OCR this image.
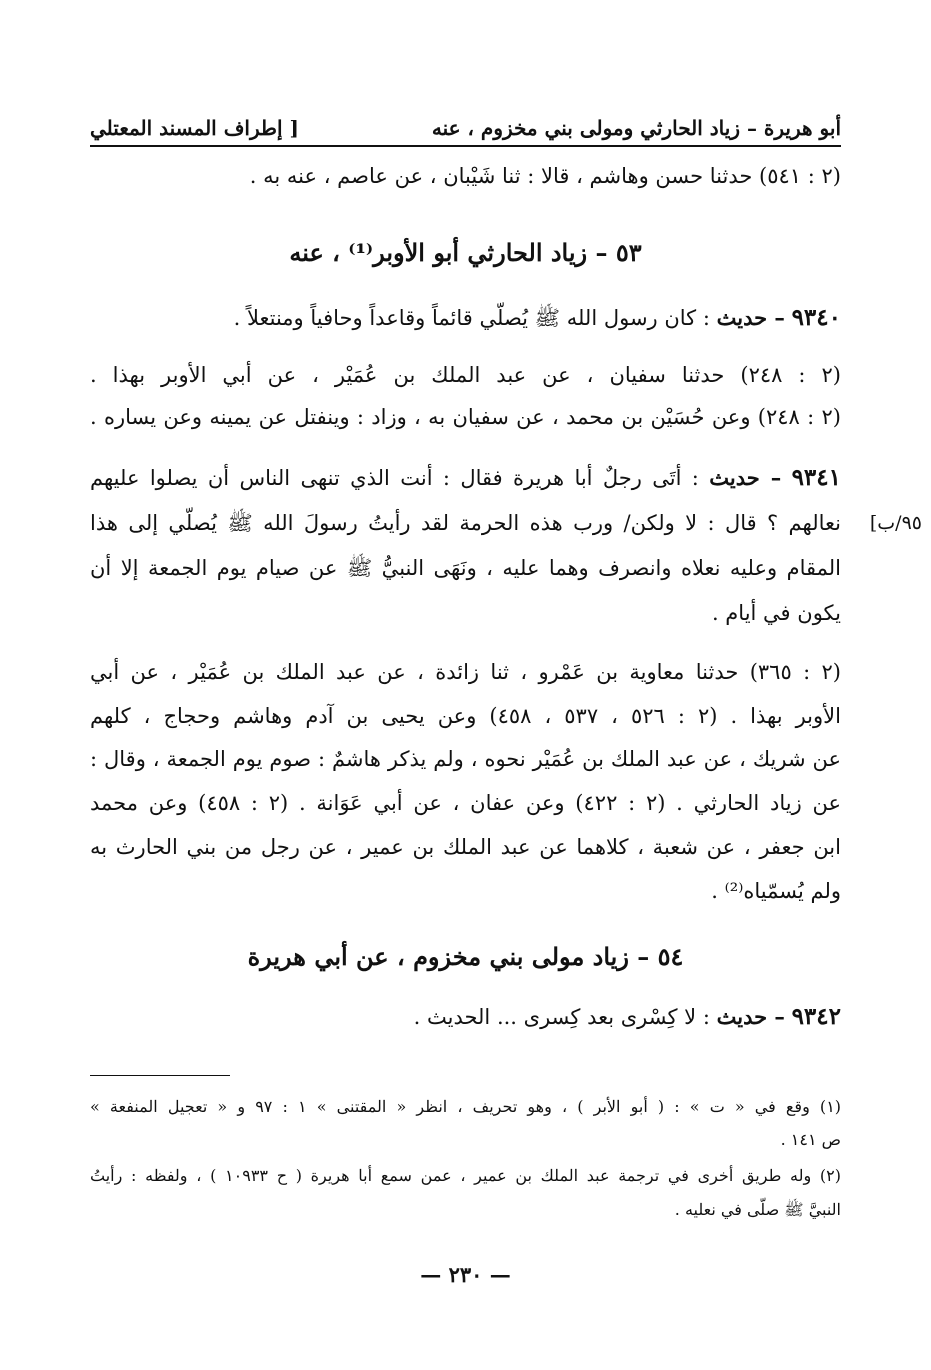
أبو هريرة – زياد الحارثي ومولى بني مخزوم ، عنه
[ إطراف المسند المعتلي
(٢ : ٥٤١) حدثنا حسن وهاشم ، قالا : ثنا شَيْبان ، عن عاصم ، عنه به .
٥٣ – زياد الحارثي أبو الأوبر⁽¹⁾ ، عنه
٩٣٤٠ – حديث : كان رسول الله ﷺ يُصلّي قائماً وقاعداً وحافياً ومنتعلاً .
(٢ : ٢٤٨) حدثنا سفيان ، عن عبد الملك بن عُمَيْر ، عن أبي الأوبر بهذا .
(٢ : ٢٤٨) وعن حُسَيْن بن محمد ، عن سفيان به ، وزاد : وينفتل عن يمينه وعن يساره .
٩٣٤١ – حديث : أتَى رجلٌ أبا هريرة فقال : أنت الذي تنهى الناس أن يصلوا عليهم
نعالهم ؟ قال : لا ولكن/ ورب هذه الحرمة لقد رأيتُ رسولَ الله ﷺ يُصلّي إلى هذا
المقام وعليه نعلاه وانصرف وهما عليه ، ونَهَى النبيُّ ﷺ عن صيام يوم الجمعة إلا أن
يكون في أيام .
٩٥/ب]
(٢ : ٣٦٥) حدثنا معاوية بن عَمْرو ، ثنا زائدة ، عن عبد الملك بن عُمَيْر ، عن أبي
الأوبر بهذا . (٢ : ٥٢٦ ، ٥٣٧ ، ٤٥٨) وعن يحيى بن آدم وهاشم وحجاج ، كلهم
عن شريك ، عن عبد الملك بن عُمَيْر نحوه ، ولم يذكر هاشمٌ : صوم يوم الجمعة ، وقال :
عن زياد الحارثي . (٢ : ٤٢٢) وعن عفان ، عن أبي عَوَانة . (٢ : ٤٥٨) وعن محمد
ابن جعفر ، عن شعبة ، كلاهما عن عبد الملك بن عمير ، عن رجل من بني الحارث به
ولم يُسمّياه⁽²⁾ .
٥٤ – زياد مولى بني مخزوم ، عن أبي هريرة
٩٣٤٢ – حديث : لا كِسْرى بعد كِسرى ... الحديث .
(١) وقع في « ت » : ( أبو الأبر ) ، وهو تحريف ، انظر « المقتنى » ١ : ٩٧ و « تعجيل المنفعة »
ص ١٤١ .
(٢) وله طريق أخرى في ترجمة عبد الملك بن عمير ، عمن سمع أبا هريرة ( ح ١٠٩٣٣ ) ، ولفظه : رأيتُ
النبيَّ ﷺ صلّى في نعليه .
— ٢٣٠ —
